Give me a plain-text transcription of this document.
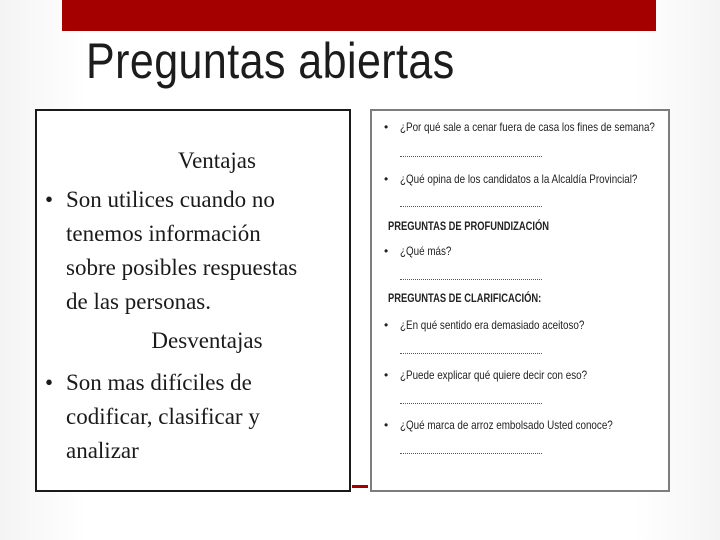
Preguntas abiertas
Ventajas
• Son utilices cuando no
tenemos información
sobre posibles respuestas
de las personas.
Desventajas
• Son mas difíciles de
codificar, clasificar y
analizar
• ¿Por qué sale a cenar fuera de casa los fines de semana?
• ¿Qué opina de los candidatos a la Alcaldía Provincial?
PREGUNTAS DE PROFUNDIZACIÓN
• ¿Qué más?
PREGUNTAS DE CLARIFICACIÓN:
• ¿En qué sentido era demasiado aceitoso?
• ¿Puede explicar qué quiere decir con eso?
• ¿Qué marca de arroz embolsado Usted conoce?
